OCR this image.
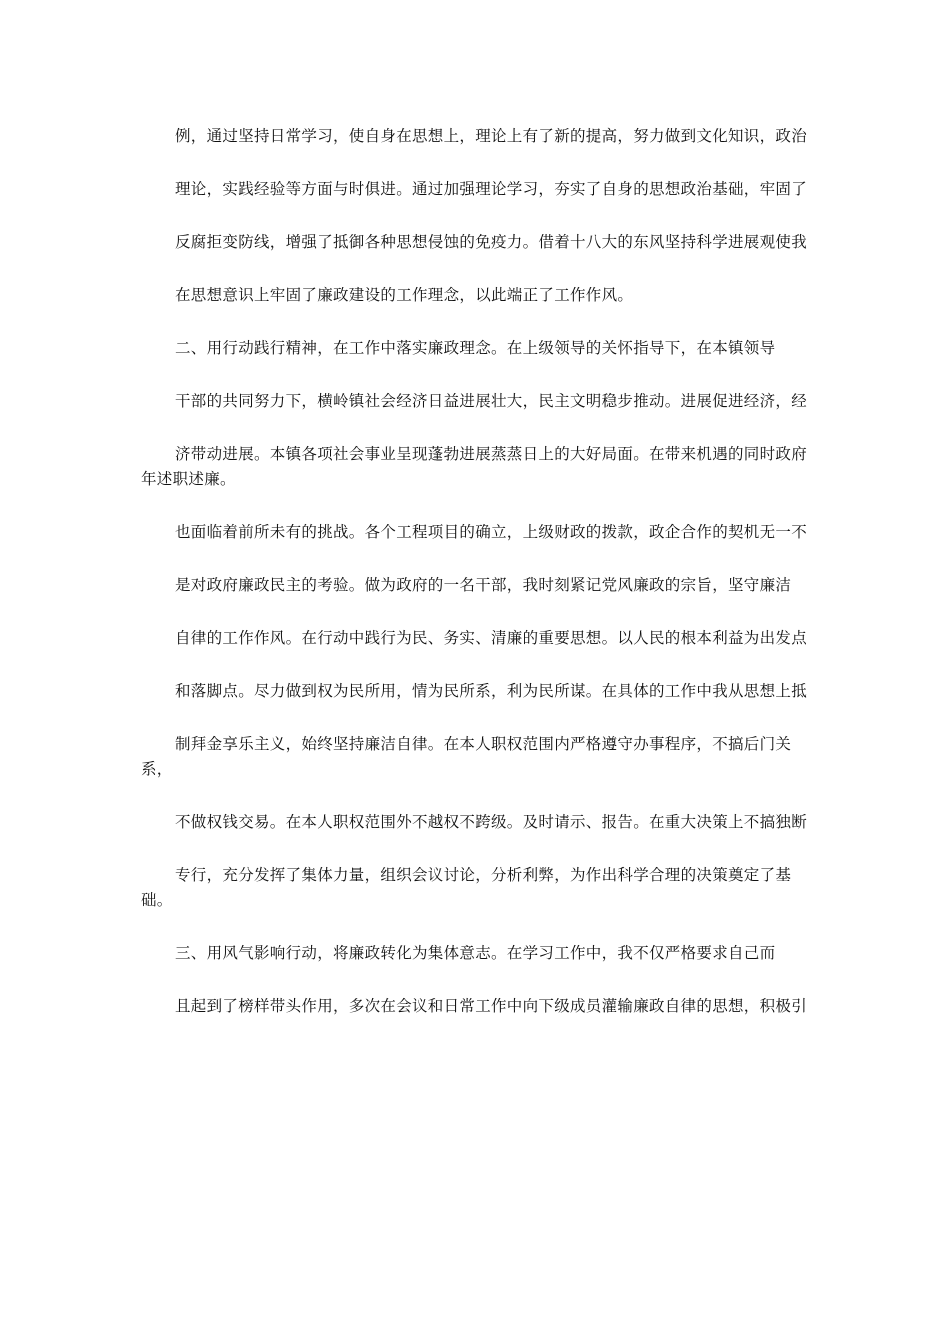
例，通过坚持日常学习，使自身在思想上，理论上有了新的提高，努力做到文化知识，政治

理论，实践经验等方面与时俱进。通过加强理论学习，夯实了自身的思想政治基础，牢固了

反腐拒变防线，增强了抵御各种思想侵蚀的免疫力。借着十八大的东风坚持科学进展观使我

在思想意识上牢固了廉政建设的工作理念，以此端正了工作作风。

二、用行动践行精神，在工作中落实廉政理念。在上级领导的关怀指导下，在本镇领导

干部的共同努力下，横岭镇社会经济日益进展壮大，民主文明稳步推动。进展促进经济，经

济带动进展。本镇各项社会事业呈现蓬勃进展蒸蒸日上的大好局面。在带来机遇的同时政府年述职述廉。

也面临着前所未有的挑战。各个工程项目的确立，上级财政的拨款，政企合作的契机无一不

是对政府廉政民主的考验。做为政府的一名干部，我时刻紧记党风廉政的宗旨，坚守廉洁

自律的工作作风。在行动中践行为民、务实、清廉的重要思想。以人民的根本利益为出发点

和落脚点。尽力做到权为民所用，情为民所系，利为民所谋。在具体的工作中我从思想上抵

制拜金享乐主义，始终坚持廉洁自律。在本人职权范围内严格遵守办事程序，不搞后门关系，

不做权钱交易。在本人职权范围外不越权不跨级。及时请示、报告。在重大决策上不搞独断

专行，充分发挥了集体力量，组织会议讨论，分析利弊，为作出科学合理的决策奠定了基础。

三、用风气影响行动，将廉政转化为集体意志。在学习工作中，我不仅严格要求自己而

且起到了榜样带头作用，多次在会议和日常工作中向下级成员灌输廉政自律的思想，积极引
